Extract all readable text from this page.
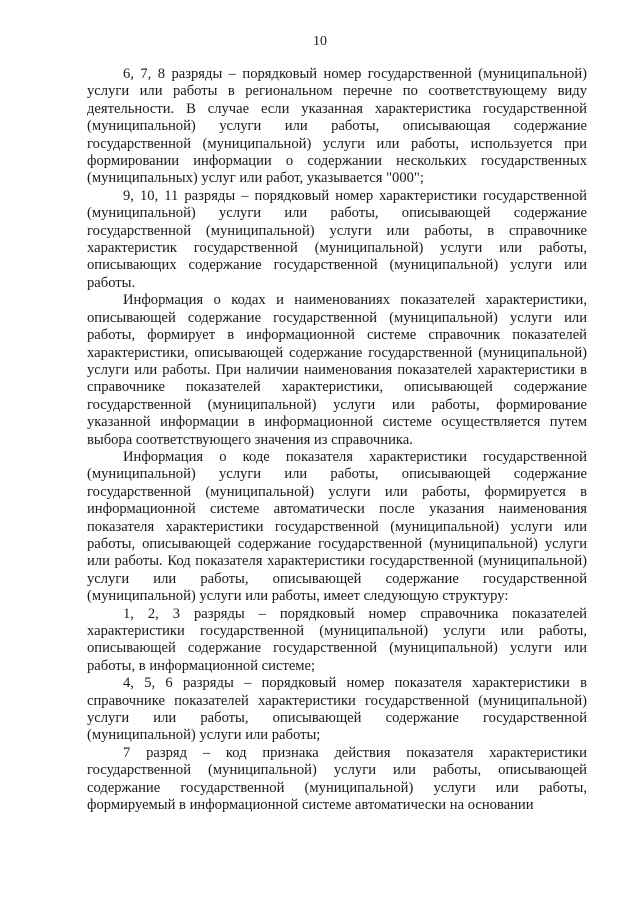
10

6, 7, 8 разряды – порядковый номер государственной (муниципальной) услуги или работы в региональном перечне по соответствующему виду деятельности. В случае если указанная характеристика государственной (муниципальной) услуги или работы, описывающая содержание государственной (муниципальной) услуги или работы, используется при формировании информации о содержании нескольких государственных (муниципальных) услуг или работ, указывается "000";

9, 10, 11 разряды – порядковый номер характеристики государственной (муниципальной) услуги или работы, описывающей содержание государственной (муниципальной) услуги или работы, в справочнике характеристик государственной (муниципальной) услуги или работы, описывающих содержание государственной (муниципальной) услуги или работы.

Информация о кодах и наименованиях показателей характеристики, описывающей содержание государственной (муниципальной) услуги или работы, формирует в информационной системе справочник показателей характеристики, описывающей содержание государственной (муниципальной) услуги или работы. При наличии наименования показателей характеристики в справочнике показателей характеристики, описывающей содержание государственной (муниципальной) услуги или работы, формирование указанной информации в информационной системе осуществляется путем выбора соответствующего значения из справочника.

Информация о коде показателя характеристики государственной (муниципальной) услуги или работы, описывающей содержание государственной (муниципальной) услуги или работы, формируется в информационной системе автоматически после указания наименования показателя характеристики государственной (муниципальной) услуги или работы, описывающей содержание государственной (муниципальной) услуги или работы. Код показателя характеристики государственной (муниципальной) услуги или работы, описывающей содержание государственной (муниципальной) услуги или работы, имеет следующую структуру:

1, 2, 3 разряды – порядковый номер справочника показателей характеристики государственной (муниципальной) услуги или работы, описывающей содержание государственной (муниципальной) услуги или работы, в информационной системе;

4, 5, 6 разряды – порядковый номер показателя характеристики в справочнике показателей характеристики государственной (муниципальной) услуги или работы, описывающей содержание государственной (муниципальной) услуги или работы;

7 разряд – код признака действия показателя характеристики государственной (муниципальной) услуги или работы, описывающей содержание государственной (муниципальной) услуги или работы, формируемый в информационной системе автоматически на основании
